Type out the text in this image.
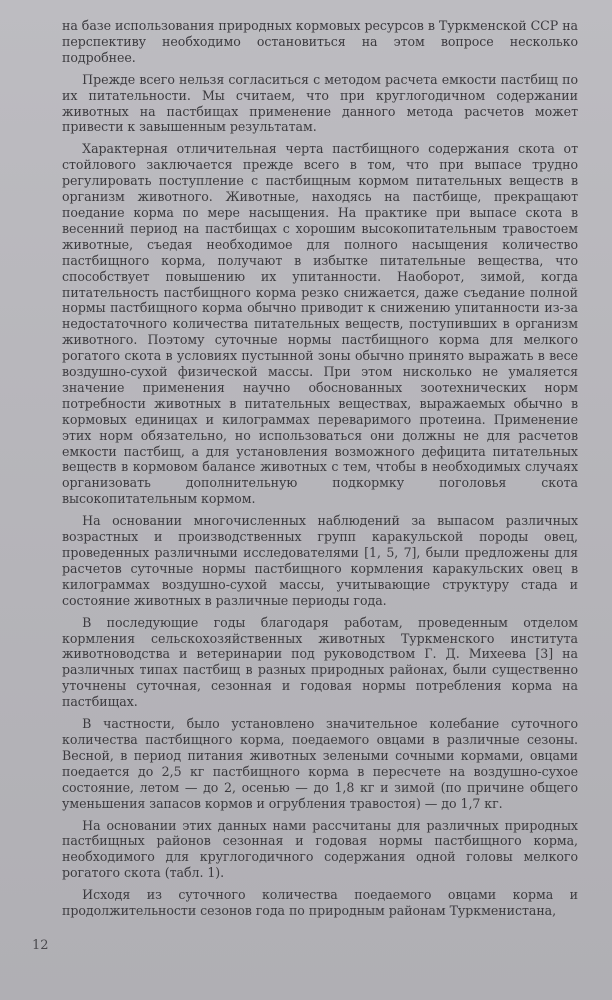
на базе использования природных кормовых ресурсов в Туркменской ССР на перспективу необходимо остановиться на этом вопросе несколько подробнее.

Прежде всего нельзя согласиться с методом расчета емкости пастбищ по их питательности. Мы считаем, что при круглогодичном содержании животных на пастбищах применение данного метода расчетов может привести к завышенным результатам.

Характерная отличительная черта пастбищного содержания скота от стойлового заключается прежде всего в том, что при выпасе трудно регулировать поступление с пастбищным кормом питательных веществ в организм животного. Животные, находясь на пастбище, прекращают поедание корма по мере насыщения. На практике при выпасе скота в весенний период на пастбищах с хорошим высокопитательным травостоем животные, съедая необходимое для полного насыщения количество пастбищного корма, получают в избытке питательные вещества, что способствует повышению их упитанности. Наоборот, зимой, когда питательность пастбищного корма резко снижается, даже съедание полной нормы пастбищного корма обычно приводит к снижению упитанности из-за недостаточного количества питательных веществ, поступивших в организм животного. Поэтому суточные нормы пастбищного корма для мелкого рогатого скота в условиях пустынной зоны обычно принято выражать в весе воздушно-сухой физической массы. При этом нисколько не умаляется значение применения научно обоснованных зоотехнических норм потребности животных в питательных веществах, выражаемых обычно в кормовых единицах и килограммах переваримого протеина. Применение этих норм обязательно, но использоваться они должны не для расчетов емкости пастбищ, а для установления возможного дефицита питательных веществ в кормовом балансе животных с тем, чтобы в необходимых случаях организовать дополнительную подкормку поголовья скота высокопитательным кормом.

На основании многочисленных наблюдений за выпасом различных возрастных и производственных групп каракульской породы овец, проведенных различными исследователями [1, 5, 7], были предложены для расчетов суточные нормы пастбищного кормления каракульских овец в килограммах воздушно-сухой массы, учитывающие структуру стада и состояние животных в различные периоды года.

В последующие годы благодаря работам, проведенным отделом кормления сельскохозяйственных животных Туркменского института животноводства и ветеринарии под руководством Г. Д. Михеева [3] на различных типах пастбищ в разных природных районах, были существенно уточнены суточная, сезонная и годовая нормы потребления корма на пастбищах.

В частности, было установлено значительное колебание суточного количества пастбищного корма, поедаемого овцами в различные сезоны. Весной, в период питания животных зелеными сочными кормами, овцами поедается до 2,5 кг пастбищного корма в пересчете на воздушно-сухое состояние, летом — до 2, осенью — до 1,8 кг и зимой (по причине общего уменьшения запасов кормов и огрубления травостоя) — до 1,7 кг.

На основании этих данных нами рассчитаны для различных природных пастбищных районов сезонная и годовая нормы пастбищного корма, необходимого для круглогодичного содержания одной головы мелкого рогатого скота (табл. 1).

Исходя из суточного количества поедаемого овцами корма и продолжительности сезонов года по природным районам Туркменистана,

12
